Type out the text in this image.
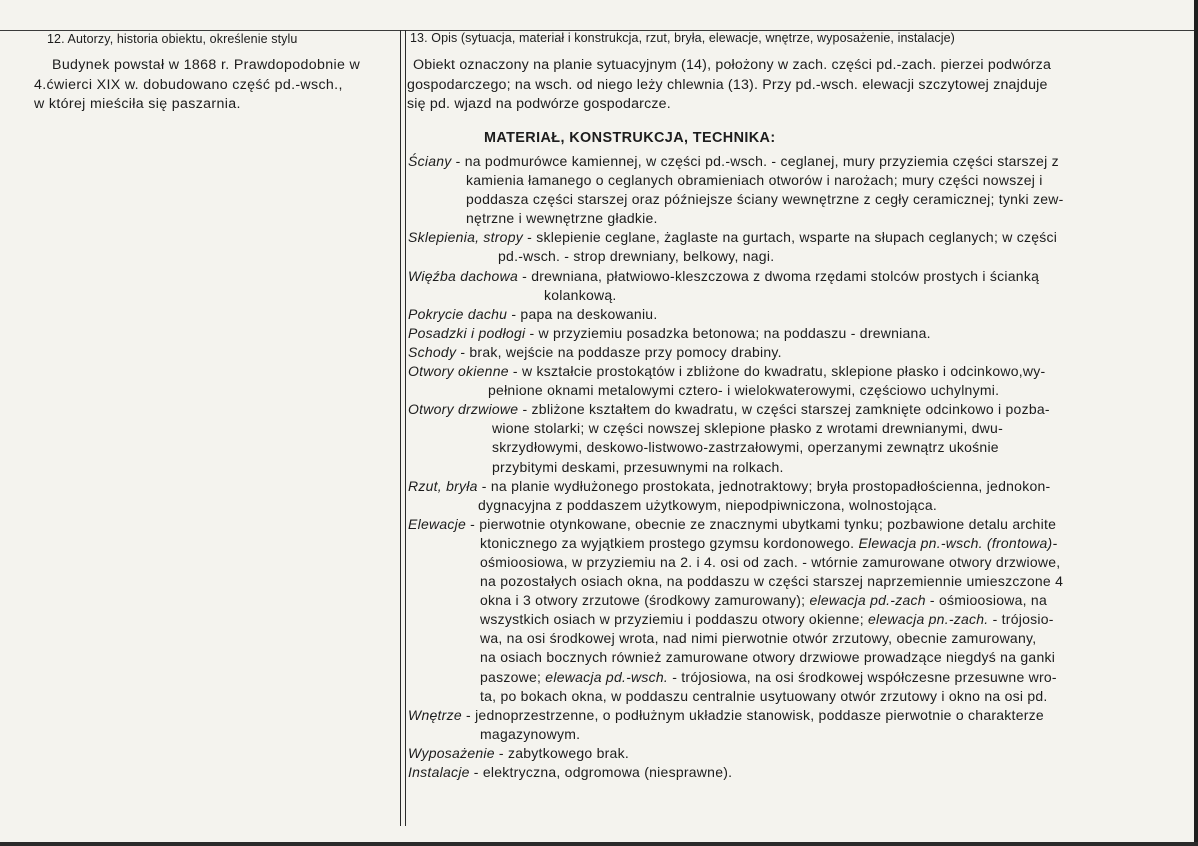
12. Autorzy, historia obiektu, określenie stylu	13. Opis (sytuacja, materiał i konstrukcja, rzut, bryła, elewacje, wnętrze, wyposażenie, instalacje)
Budynek powstał w 1868 r. Prawdopodobnie w
4.ćwierci XIX w. dobudowano część pd.-wsch.,
w której mieściła się paszarnia.
Obiekt oznaczony na planie sytuacyjnym (14), położony w zach. części pd.-zach. pierzei podwórza
gospodarczego; na wsch. od niego leży chlewnia (13). Przy pd.-wsch. elewacji szczytowej znajduje
się pd. wjazd na podwórze gospodarcze.
MATERIAŁ, KONSTRUKCJA, TECHNIKA:
Ściany - na podmurówce kamiennej, w części pd.-wsch. - ceglanej, mury przyziemia części starszej z
kamienia łamanego o ceglanych obramieniach otworów i narożach; mury części nowszej i
poddasza części starszej oraz późniejsze ściany wewnętrzne z cegły ceramicznej; tynki zew-
nętrzne i wewnętrzne gładkie.
Sklepienia, stropy - sklepienie ceglane, żaglaste na gurtach, wsparte na słupach ceglanych; w części
pd.-wsch. - strop drewniany, belkowy, nagi.
Więźba dachowa - drewniana, płatwiowo-kleszczowa z dwoma rzędami stolców prostych i ścianką
kolankową.
Pokrycie dachu - papa na deskowaniu.
Posadzki i podłogi - w przyziemiu posadzka betonowa; na poddaszu - drewniana.
Schody - brak, wejście na poddasze przy pomocy drabiny.
Otwory okienne - w kształcie prostokątów i zbliżone do kwadratu, sklepione płasko i odcinkowo,wy-
pełnione oknami metalowymi cztero- i wielokwaterowymi, częściowo uchylnymi.
Otwory drzwiowe - zbliżone kształtem do kwadratu, w części starszej zamknięte odcinkowo i pozba-
wione stolarki; w części nowszej sklepione płasko z wrotami drewnianymi, dwu-
skrzydłowymi, deskowo-listwowo-zastrzałowymi, operzanymi zewnątrz ukośnie
przybitymi deskami, przesuwnymi na rolkach.
Rzut, bryła - na planie wydłużonego prostokata, jednotraktowy; bryła prostopadłościenna, jednokon-
dygnacyjna z poddaszem użytkowym, niepodpiwniczona, wolnostojąca.
Elewacje - pierwotnie otynkowane, obecnie ze znacznymi ubytkami tynku; pozbawione detalu archite
ktonicznego za wyjątkiem prostego gzymsu kordonowego. Elewacja pn.-wsch. (frontowa)-
ośmioosiowa, w przyziemiu na 2. i 4. osi od zach. - wtórnie zamurowane otwory drzwiowe,
na pozostałych osiach okna, na poddaszu w części starszej naprzemiennie umieszczone 4
okna i 3 otwory zrzutowe (środkowy zamurowany); elewacja pd.-zach - ośmioosiowa, na
wszystkich osiach w przyziemiu i poddaszu otwory okienne; elewacja pn.-zach. - trójosio-
wa, na osi środkowej wrota, nad nimi pierwotnie otwór zrzutowy, obecnie zamurowany,
na osiach bocznych również zamurowane otwory drzwiowe prowadzące niegdyś na ganki
paszowe; elewacja pd.-wsch. - trójosiowa, na osi środkowej współczesne przesuwne wro-
ta, po bokach okna, w poddaszu centralnie usytuowany otwór zrzutowy i okno na osi pd.
Wnętrze - jednoprzestrzenne, o podłużnym układzie stanowisk, poddasze pierwotnie o charakterze
magazynowym.
Wyposażenie - zabytkowego brak.
Instalacje - elektryczna, odgromowa (niesprawne).
